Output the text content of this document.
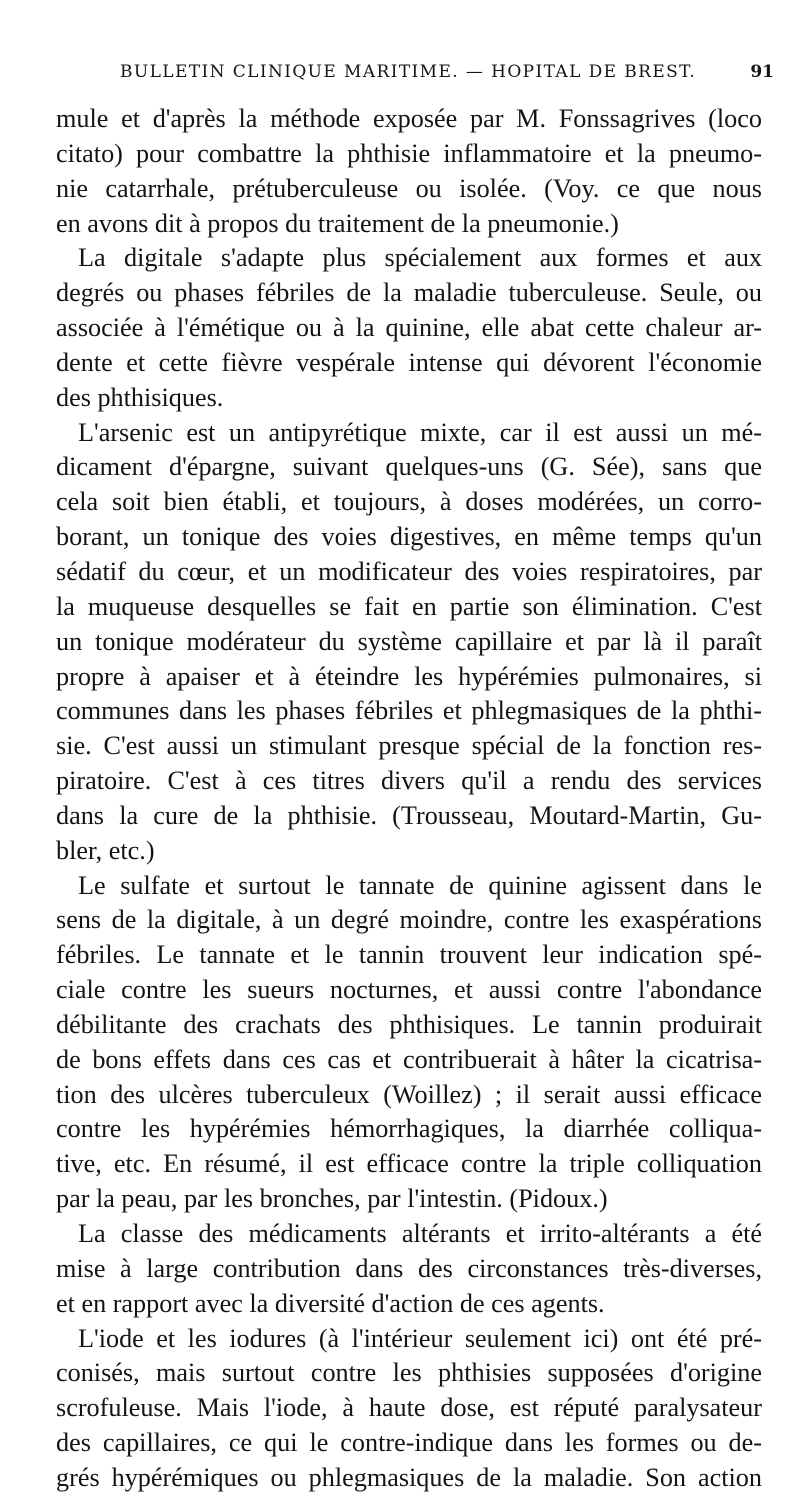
BULLETIN CLINIQUE MARITIME. — HOPITAL DE BREST.	91
mule et d'après la méthode exposée par M. Fonssagrives (loco
citato) pour combattre la phthisie inflammatoire et la pneumo-
nie catarrhale, prétuberculeuse ou isolée. (Voy. ce que nous
en avons dit à propos du traitement de la pneumonie.)
La digitale s'adapte plus spécialement aux formes et aux
degrés ou phases fébriles de la maladie tuberculeuse. Seule, ou
associée à l'émétique ou à la quinine, elle abat cette chaleur ar-
dente et cette fièvre vespérale intense qui dévorent l'économie
des phthisiques.
L'arsenic est un antipyrétique mixte, car il est aussi un mé-
dicament d'épargne, suivant quelques-uns (G. Sée), sans que
cela soit bien établi, et toujours, à doses modérées, un corro-
borant, un tonique des voies digestives, en même temps qu'un
sédatif du cœur, et un modificateur des voies respiratoires, par
la muqueuse desquelles se fait en partie son élimination. C'est
un tonique modérateur du système capillaire et par là il paraît
propre à apaiser et à éteindre les hypérémies pulmonaires, si
communes dans les phases fébriles et phlegmasiques de la phthi-
sie. C'est aussi un stimulant presque spécial de la fonction res-
piratoire. C'est à ces titres divers qu'il a rendu des services
dans la cure de la phthisie. (Trousseau, Moutard-Martin, Gu-
bler, etc.)
Le sulfate et surtout le tannate de quinine agissent dans le
sens de la digitale, à un degré moindre, contre les exaspérations
fébriles. Le tannate et le tannin trouvent leur indication spé-
ciale contre les sueurs nocturnes, et aussi contre l'abondance
débilitante des crachats des phthisiques. Le tannin produirait
de bons effets dans ces cas et contribuerait à hâter la cicatrisa-
tion des ulcères tuberculeux (Woillez) ; il serait aussi efficace
contre les hypérémies hémorrhagiques, la diarrhée colliqua-
tive, etc. En résumé, il est efficace contre la triple colliquation
par la peau, par les bronches, par l'intestin. (Pidoux.)
La classe des médicaments altérants et irrito-altérants a été
mise à large contribution dans des circonstances très-diverses,
et en rapport avec la diversité d'action de ces agents.
L'iode et les iodures (à l'intérieur seulement ici) ont été pré-
conisés, mais surtout contre les phthisies supposées d'origine
scrofuleuse. Mais l'iode, à haute dose, est réputé paralysateur
des capillaires, ce qui le contre-indique dans les formes ou de-
grés hypérémiques ou phlegmasiques de la maladie. Son action
